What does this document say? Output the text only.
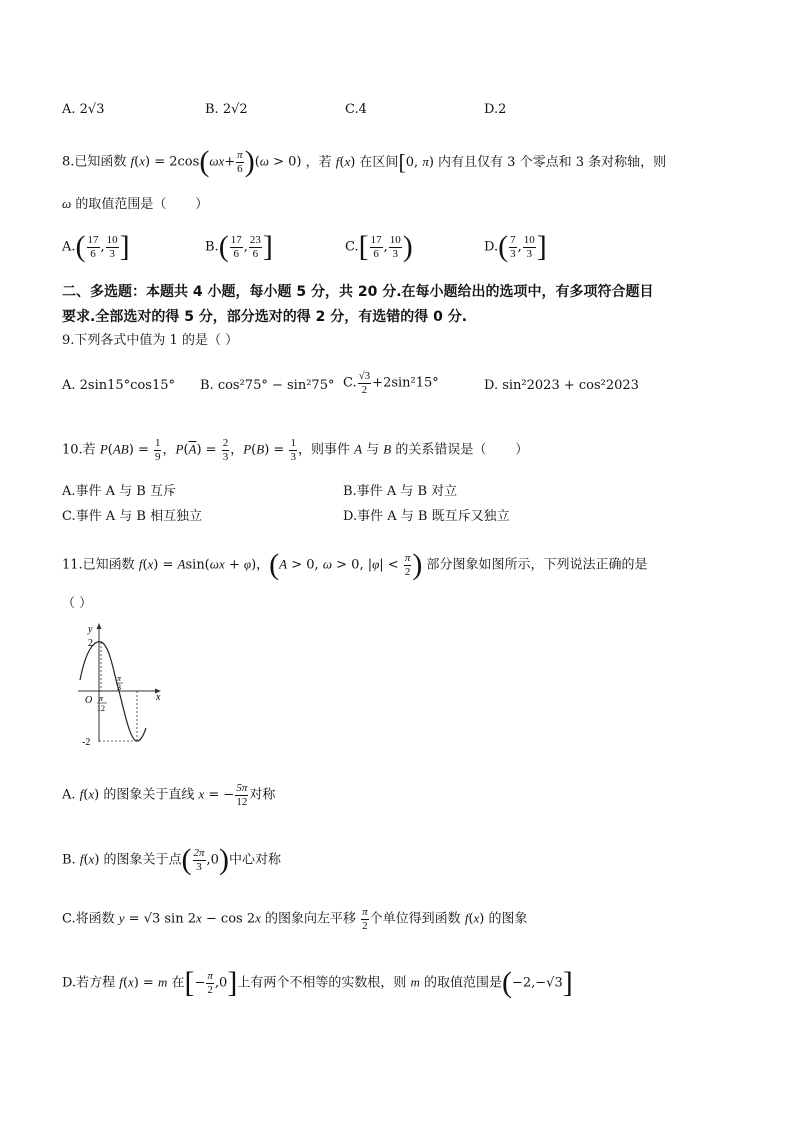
A. 2√3	B. 2√2	C.4	D.2
8.已知函数 $f(x) = 2\cos(\omega x+ \frac{\pi}{6} )(\omega > 0)$ ，若 f(x) 在区间[0, π) 内有且仅有 3 个零点和 3 条对称轴，则
ω 的取值范围是（       ）
$A.( \frac{17}{6}$ , $\frac{10}{3}$ ]	$B.( \frac{17}{6}$ , $\frac{23}{6}$ ]	$C.[ \frac{17}{6}$ , $\frac{10}{3}$ )	$D.( \frac{7}{3}$ , $\frac{10}{3}$ ]
二、多选题：本题共 4 小题，每小题 5 分，共 20 分.在每小题给出的选项中，有多项符合题目
要求.全部选对的得 5 分，部分选对的得 2 分，有选错的得 0 分.
9.下列各式中值为 1 的是（ ）
A. 2sin15°cos15° B. cos²75° − sin²75° C. $\frac{√3}{2} +2\sin^215^\circ$	D. sin²2023 + cos²2023
10.若 $P(AB) = \frac{1}{9}$ ，$P(\overline{A}) = \frac{2}{3}$ ，$P(B) = \frac{1}{3}$ ，则事件 A 与 B 的关系错误是（       ）
A.事件 A 与 B 互斥	B.事件 A 与 B 对立
C.事件 A 与 B 相互独立	D.事件 A 与 B 既互斥又独立
11.已知函数 f(x) = Asin(ωx + φ)，(A > 0, ω > 0, $|\varphi| < \frac{\pi}{2}$ ) 部分图象如图所示，下列说法正确的是
（ ）
y
x
O
2
-2
π
12
π
3
A. f(x) 的图象关于直线 x = − $\frac{5\pi}{12}$ 对称
B. f(x) 的图象关于点( $\frac{2\pi}{3} ,0$)中心对称
C.将函数 y = √3 sin 2x − cos 2x 的图象向左平移 $\frac{\pi}{2}$ 个单位得到函数 f(x) 的图象
D.若方程 f(x) = m 在[− $\frac{\pi}{2} ,0$]上有两个不相等的实数根，则 m 的取值范围是(−2,−√3]
